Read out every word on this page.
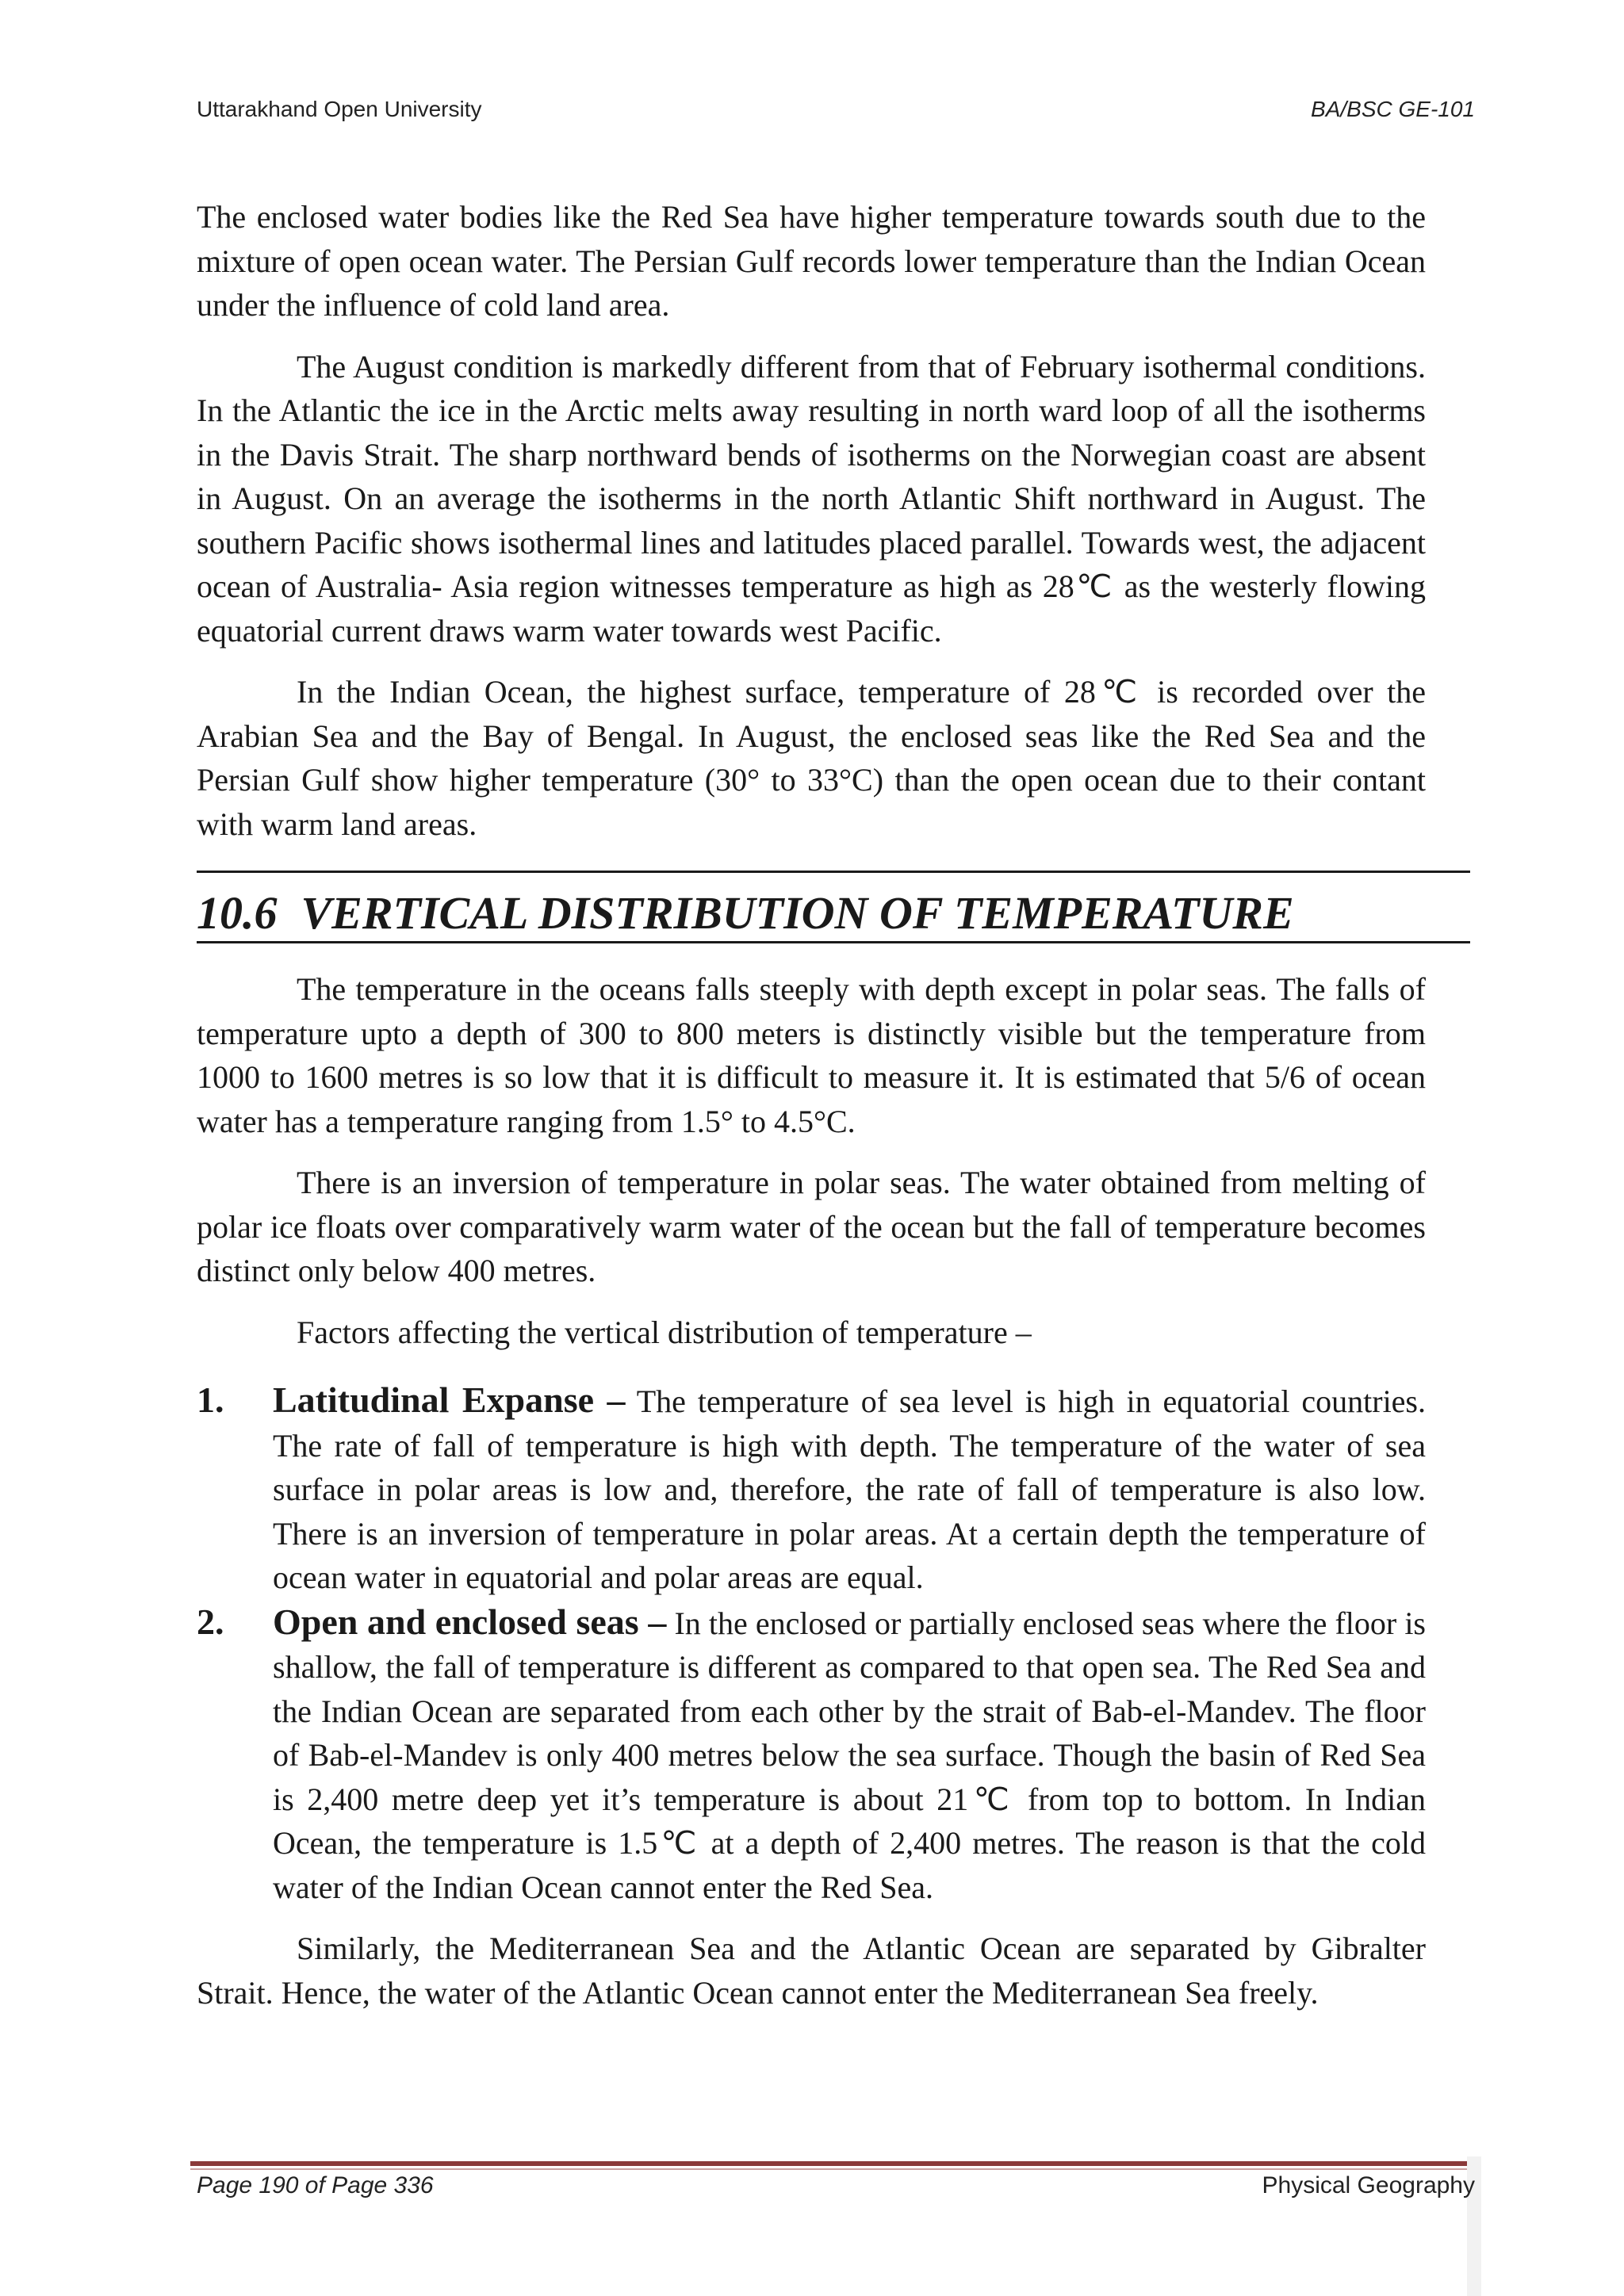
Uttarakhand Open University	BA/BSC GE-101

The enclosed water bodies like the Red Sea have higher temperature towards south due to the mixture of open ocean water. The Persian Gulf records lower temperature than the Indian Ocean under the influence of cold land area.

The August condition is markedly different from that of February isothermal conditions. In the Atlantic the ice in the Arctic melts away resulting in north ward loop of all the isotherms in the Davis Strait. The sharp northward bends of isotherms on the Norwegian coast are absent in August. On an average the isotherms in the north Atlantic Shift northward in August. The southern Pacific shows isothermal lines and latitudes placed parallel. Towards west, the adjacent ocean of Australia- Asia region witnesses temperature as high as 28℃ as the westerly flowing equatorial current draws warm water towards west Pacific.

In the Indian Ocean, the highest surface, temperature of 28℃ is recorded over the Arabian Sea and the Bay of Bengal. In August, the enclosed seas like the Red Sea and the Persian Gulf show higher temperature (30° to 33°C) than the open ocean due to their contant with warm land areas.

10.6 VERTICAL DISTRIBUTION OF TEMPERATURE

The temperature in the oceans falls steeply with depth except in polar seas. The falls of temperature upto a depth of 300 to 800 meters is distinctly visible but the temperature from 1000 to 1600 metres is so low that it is difficult to measure it. It is estimated that 5/6 of ocean water has a temperature ranging from 1.5° to 4.5°C.

There is an inversion of temperature in polar seas. The water obtained from melting of polar ice floats over comparatively warm water of the ocean but the fall of temperature becomes distinct only below 400 metres.

Factors affecting the vertical distribution of temperature –

1. Latitudinal Expanse – The temperature of sea level is high in equatorial countries. The rate of fall of temperature is high with depth. The temperature of the water of sea surface in polar areas is low and, therefore, the rate of fall of temperature is also low. There is an inversion of temperature in polar areas. At a certain depth the temperature of ocean water in equatorial and polar areas are equal.
2. Open and enclosed seas – In the enclosed or partially enclosed seas where the floor is shallow, the fall of temperature is different as compared to that open sea. The Red Sea and the Indian Ocean are separated from each other by the strait of Bab-el-Mandev. The floor of Bab-el-Mandev is only 400 metres below the sea surface. Though the basin of Red Sea is 2,400 metre deep yet it’s temperature is about 21℃ from top to bottom. In Indian Ocean, the temperature is 1.5℃ at a depth of 2,400 metres. The reason is that the cold water of the Indian Ocean cannot enter the Red Sea.

Similarly, the Mediterranean Sea and the Atlantic Ocean are separated by Gibralter Strait. Hence, the water of the Atlantic Ocean cannot enter the Mediterranean Sea freely.

Page 190 of Page 336	Physical Geography
